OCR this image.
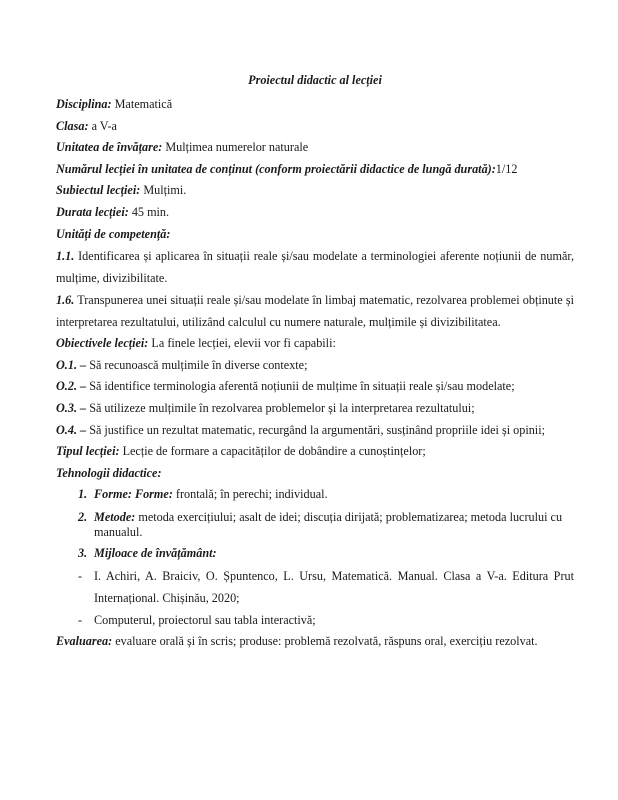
Proiectul didactic al lecției
Disciplina: Matematică
Clasa: a V-a
Unitatea de învățare: Mulțimea numerelor naturale
Numărul lecției în unitatea de conținut (conform proiectării didactice de lungă durată):1/12
Subiectul lecției: Mulțimi.
Durata lecției: 45 min.
Unități de competență:
1.1. Identificarea și aplicarea în situații reale și/sau modelate a terminologiei aferente noțiunii de număr, mulțime, divizibilitate.
1.6. Transpunerea unei situații reale și/sau modelate în limbaj matematic, rezolvarea problemei obținute și interpretarea rezultatului, utilizând calculul cu numere naturale, mulțimile și divizibilitatea.
Obiectivele lecției: La finele lecției, elevii vor fi capabili:
O.1. – Să recunoască mulțimile în diverse contexte;
O.2. – Să identifice terminologia aferentă noțiunii de mulțime în situații reale și/sau modelate;
O.3. – Să utilizeze mulțimile în rezolvarea problemelor și la interpretarea rezultatului;
O.4. – Să justifice un rezultat matematic, recurgând la argumentări, susținând propriile idei și opinii;
Tipul lecției: Lecție de formare a capacităților de dobândire a cunoștințelor;
Tehnologii didactice:
1. Forme: Forme: frontală; în perechi; individual.
2. Metode: metoda exercițiului; asalt de idei; discuția dirijată; problematizarea; metoda lucrului cu manualul.
3. Mijloace de învățământ:
- I. Achiri, A. Braiciv, O. Șpuntenco, L. Ursu, Matematică. Manual. Clasa a V-a. Editura Prut Internațional. Chișinău, 2020;
- Computerul, proiectorul sau tabla interactivă;
Evaluarea: evaluare orală și în scris; produse: problemă rezolvată, răspuns oral, exercițiu rezolvat.
